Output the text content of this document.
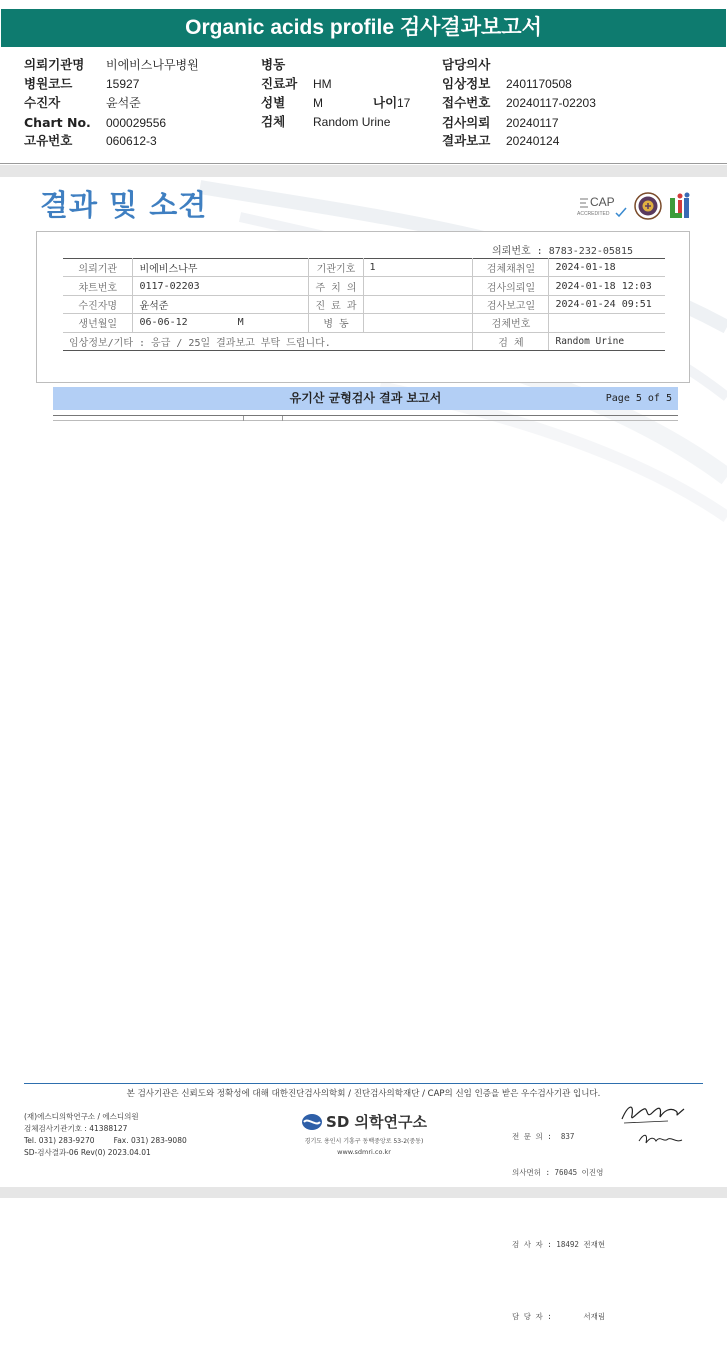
Organic acids profile 검사결과보고서
의뢰기관명 비에비스나무병원
병원코드	15927
수진자	윤석준
Chart No. 000029556
고유번호	060612-3
병동
진료과 HM
성별 M	나이 17
검체 Random Urine
담당의사
임상정보 2401170508
접수번호 20240117-02203
검사의뢰 20240117
결과보고 20240124
결과 및 소견	CAP
ACCREDITED
의뢰번호 : 8783-232-05815
의뢰기관	비에비스나무	기관기호	1	검체채취일	2024-01-18
챠트번호	0117-02203	주 치 의		검사의뢰일	2024-01-18 12:03
수진자명	윤석준	진 료 과		검사보고일	2024-01-24 09:51
생년월일	06-06-12 M	병 동		검체번호	
임상정보/기타 : 응급 / 25일 결과보고 부탁 드립니다.				검 체	Random Urine
유기산 균형검사 결과 보고서	Page 5 of 5
본 검사기관은 신뢰도와 정확성에 대해 대한진단검사의학회 / 진단검사의학재단 / CAP의 신임 인증을 받은 우수검사기관 입니다.
(재)에스디의학연구소 / 에스디의원
검체검사기관기호 : 41388127
Tel. 031) 283-9270        Fax. 031) 283-9080
SD-검사결과-06 Rev(0) 2023.04.01
SD 의학연구소
경기도 용인시 기흥구 동백중앙로 53-2(중동)
www.sdmri.co.kr

전 문 의 :  837

의사면허 : 76045 이진영

검 사 자 : 18492 전재현

담 당 자 :       서재림
